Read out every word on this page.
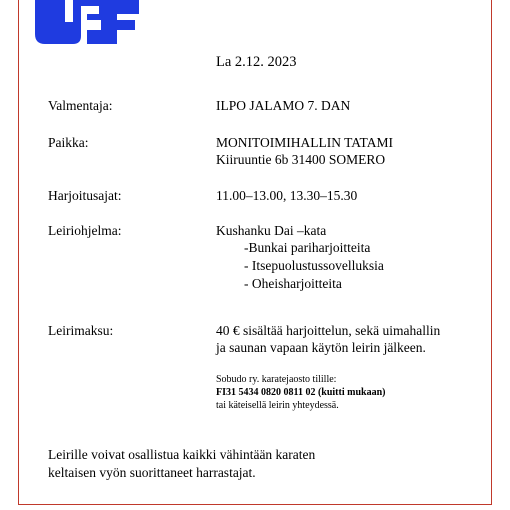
La 2.12. 2023
Valmentaja:	ILPO JALAMO 7. DAN
Paikka:	MONITOIMIHALLIN TATAMI
Kiiruuntie 6b 31400 SOMERO
Harjoitusajat:	11.00–13.00, 13.30–15.30
Leiriohjelma:	Kushanku Dai –kata
-Bunkai pariharjoitteita
- Itsepuolustussovelluksia
- Oheisharjoitteita
Leirimaksu:	40 € sisältää harjoittelun, sekä uimahallin
ja saunan vapaan käytön leirin jälkeen.
Sobudo ry. karatejaosto tilille:
FI31 5434 0820 0811 02 (kuitti mukaan)
tai käteisellä leirin yhteydessä.
Leirille voivat osallistua kaikki vähintään karaten
keltaisen vyön suorittaneet harrastajat.
